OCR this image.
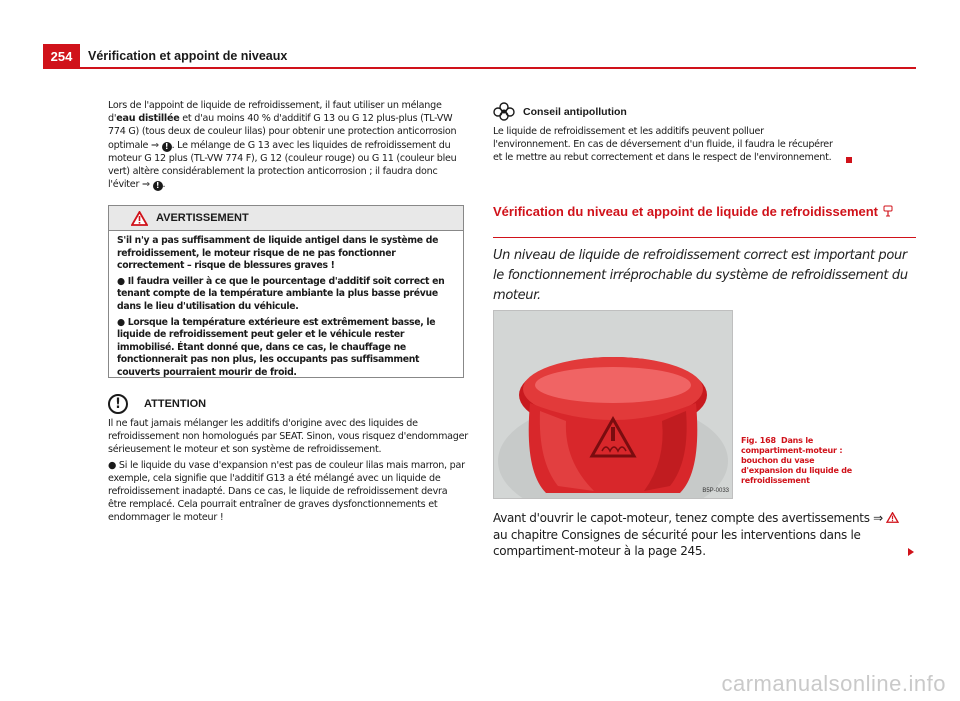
254	Vérification et appoint de niveaux

Lors de l'appoint de liquide de refroidissement, il faut utiliser un mélange d'eau distillée et d'au moins 40 % d'additif G 13 ou G 12 plus-plus (TL-VW 774 G) (tous deux de couleur lilas) pour obtenir une protection anticorrosion optimale ⇒ ! . Le mélange de G 13 avec les liquides de refroidissement du moteur G 12 plus (TL-VW 774 F), G 12 (couleur rouge) ou G 11 (couleur bleu vert) altère considérablement la protection anticorrosion ; il faudra donc l'éviter ⇒ ! .

AVERTISSEMENT

S'il n'y a pas suffisamment de liquide antigel dans le système de refroidissement, le moteur risque de ne pas fonctionner correctement – risque de blessures graves !

● Il faudra veiller à ce que le pourcentage d'additif soit correct en tenant compte de la température ambiante la plus basse prévue dans le lieu d'utilisation du véhicule.

● Lorsque la température extérieure est extrêmement basse, le liquide de refroidissement peut geler et le véhicule rester immobilisé. Étant donné que, dans ce cas, le chauffage ne fonctionnerait pas non plus, les occupants pas suffisamment couverts pourraient mourir de froid.

!	ATTENTION

Il ne faut jamais mélanger les additifs d'origine avec des liquides de refroidissement non homologués par SEAT. Sinon, vous risquez d'endommager sérieusement le moteur et son système de refroidissement.

● Si le liquide du vase d'expansion n'est pas de couleur lilas mais marron, par exemple, cela signifie que l'additif G13 a été mélangé avec un liquide de refroidissement inadapté. Dans ce cas, le liquide de refroidissement devra être remplacé. Cela pourrait entraîner de graves dysfonctionnements et endommager le moteur !

Conseil antipollution

Le liquide de refroidissement et les additifs peuvent polluer l'environnement. En cas de déversement d'un fluide, il faudra le récupérer et le mettre au rebut correctement et dans le respect de l'environnement.

Vérification du niveau et appoint de liquide de refroidissement
Un niveau de liquide de refroidissement correct est important pour le fonctionnement irréprochable du système de refroidissement du moteur.
B5P-0033
Fig. 168 Dans le compartiment-moteur : bouchon du vase d'expansion du liquide de refroidissement
Avant d'ouvrir le capot-moteur, tenez compte des avertissements ⇒  au chapitre Consignes de sécurité pour les interventions dans le compartiment-moteur à la page 245.
carmanualsonline.info
